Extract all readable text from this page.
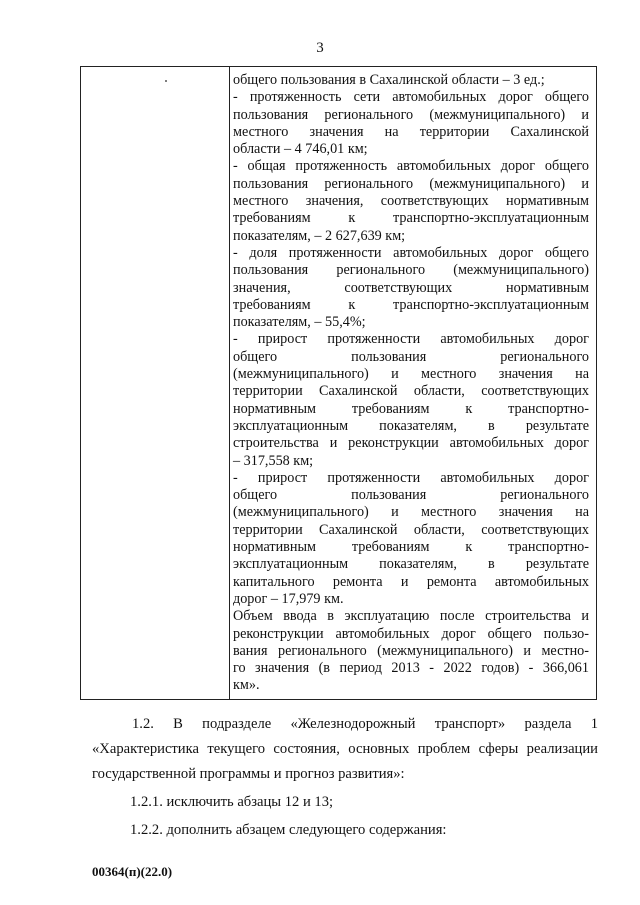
3
общего пользования в Сахалинской области – 3 ед.;
- протяженность сети автомобильных дорог общего
пользования регионального (межмуниципального) и
местного значения на территории Сахалинской
области – 4 746,01 км;
- общая протяженность автомобильных дорог общего
пользования регионального (межмуниципального) и
местного значения, соответствующих нормативным
требованиям к транспортно-эксплуатационным
показателям, – 2 627,639 км;
- доля протяженности автомобильных дорог общего
пользования регионального (межмуниципального)
значения, соответствующих нормативным
требованиям к транспортно-эксплуатационным
показателям, – 55,4%;
- прирост протяженности автомобильных дорог
общего пользования регионального
(межмуниципального) и местного значения на
территории Сахалинской области, соответствующих
нормативным требованиям к транспортно-
эксплуатационным показателям, в результате
строительства и реконструкции автомобильных дорог
– 317,558 км;
- прирост протяженности автомобильных дорог
общего пользования регионального
(межмуниципального) и местного значения на
территории Сахалинской области, соответствующих
нормативным требованиям к транспортно-
эксплуатационным показателям, в результате
капитального ремонта и ремонта автомобильных
дорог – 17,979 км.
Объем ввода в эксплуатацию после строительства и
реконструкции автомобильных дорог общего пользо-
вания регионального (межмуниципального) и местно-
го значения (в период 2013 - 2022 годов) - 366,061
км».
1.2. В подразделе «Железнодорожный транспорт» раздела 1
«Характеристика текущего состояния, основных проблем сферы реализации
государственной программы и прогноз развития»:
1.2.1. исключить абзацы 12 и 13;
1.2.2. дополнить абзацем следующего содержания:
00364(п)(22.0)
